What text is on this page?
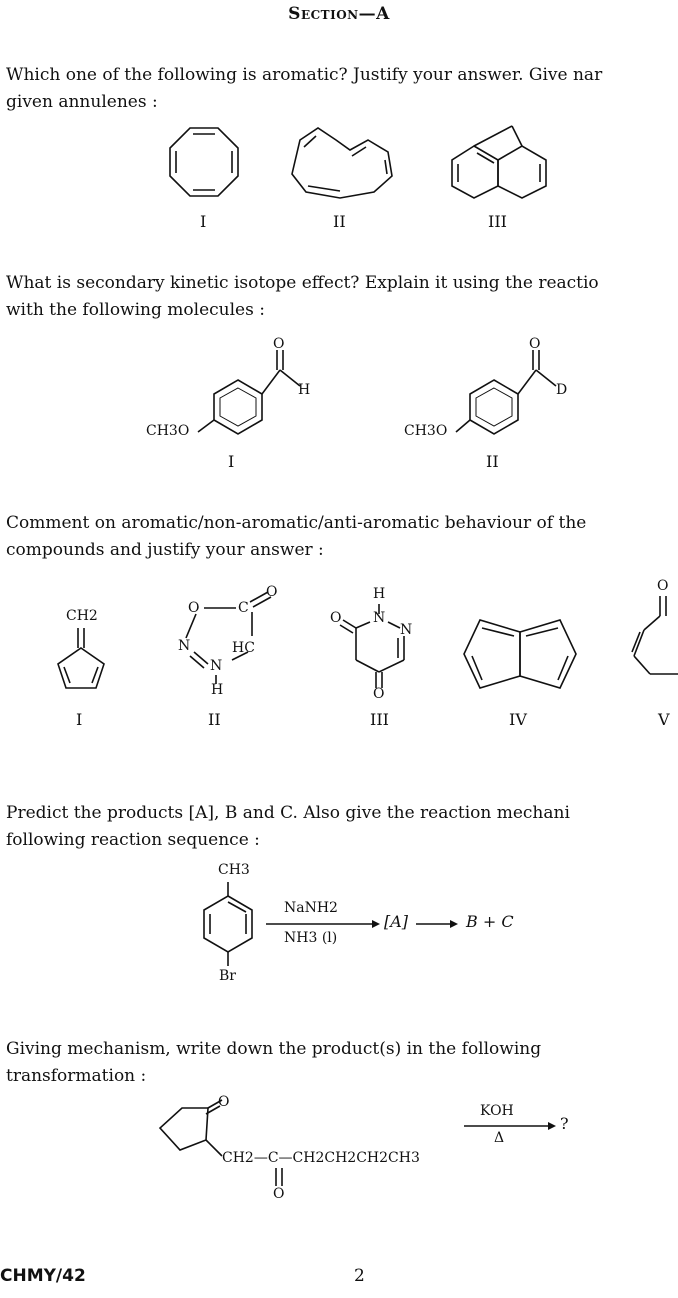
Section—A
Which one of the following is aromatic? Justify your answer. Give nar
given annulenes :
I	II	III
What is secondary kinetic isotope effect? Explain it using the reactio
with the following molecules :
O
H
CH3O
O
D
CH3O
I	II
Comment on aromatic/non-aromatic/anti-aromatic behaviour of the
compounds and justify your answer :
CH2	O	C
O
N
N
HC
H
H
N
N
O
O
O
I	II	III	IV	V
Predict the products [A], B and C. Also give the reaction mechani
following reaction sequence :
CH3
Br
NaNH2
NH3 (l)
[A]	B + C
Giving mechanism, write down the product(s) in the following
transformation :
O
CH2—C—CH2CH2CH2CH3
O
KOH
Δ
?
CHMY/42	2
